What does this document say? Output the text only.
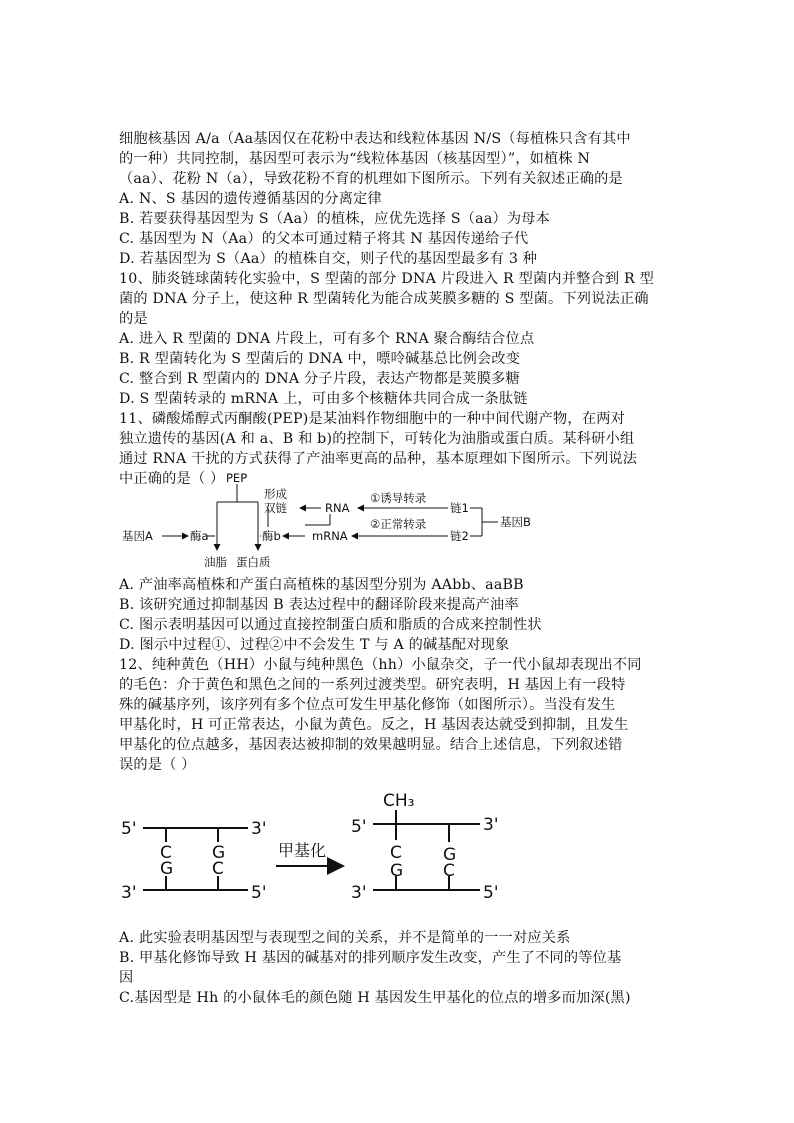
细胞核基因 A/a（Aa基因仅在花粉中表达和线粒体基因 N/S（每植株只含有其中
的一种）共同控制，基因型可表示为“线粒体基因（核基因型）”，如植株 N
（aa）、花粉 N（a），导致花粉不育的机理如下图所示。下列有关叙述正确的是
A. N、S 基因的遗传遵循基因的分离定律
B. 若要获得基因型为 S（Aa）的植株，应优先选择 S（aa）为母本
C. 基因型为 N（Aa）的父本可通过精子将其 N 基因传递给子代
D. 若基因型为 S（Aa）的植株自交，则子代的基因型最多有 3 种
10、肺炎链球菌转化实验中，S 型菌的部分 DNA 片段进入 R 型菌内并整合到 R 型
菌的 DNA 分子上，使这种 R 型菌转化为能合成荚膜多糖的 S 型菌。下列说法正确
的是
A. 进入 R 型菌的 DNA 片段上，可有多个 RNA 聚合酶结合位点
B. R 型菌转化为 S 型菌后的 DNA 中，嘌呤碱基总比例会改变
C. 整合到 R 型菌内的 DNA 分子片段，表达产物都是荚膜多糖
D. S 型菌转录的 mRNA 上，可由多个核糖体共同合成一条肽链
11、磷酸烯醇式丙酮酸(PEP)是某油料作物细胞中的一种中间代谢产物，在两对
独立遗传的基因(A 和 a、B 和 b)的控制下，可转化为油脂或蛋白质。某科研小组
通过 RNA 干扰的方式获得了产油率更高的品种，基本原理如下图所示。下列说法
中正确的是（ ） PEP
基因A	酶a	酶b
油脂 蛋白质
形成
双链	RNA
mRNA
①诱导转录
②正常转录
链1
链2
基因B
A. 产油率高植株和产蛋白高植株的基因型分别为 AAbb、aaBB
B. 该研究通过抑制基因 B 表达过程中的翻译阶段来提高产油率
C. 图示表明基因可以通过直接控制蛋白质和脂质的合成来控制性状
D. 图示中过程①、过程②中不会发生 T 与 A 的碱基配对现象
12、纯种黄色（HH）小鼠与纯种黑色（hh）小鼠杂交，子一代小鼠却表现出不同
的毛色：介于黄色和黑色之间的一系列过渡类型。研究表明，H 基因上有一段特
殊的碱基序列，该序列有多个位点可发生甲基化修饰（如图所示）。当没有发生
甲基化时，H 可正常表达，小鼠为黄色。反之，H 基因表达就受到抑制，且发生
甲基化的位点越多，基因表达被抑制的效果越明显。结合上述信息，下列叙述错
误的是（ ）
5'	3'
C G
G C
3'	5'
甲基化
CH₃
5'	3'
C G
G C
3'	5'
A. 此实验表明基因型与表现型之间的关系，并不是简单的一一对应关系
B. 甲基化修饰导致 H 基因的碱基对的排列顺序发生改变，产生了不同的等位基
因
C.基因型是 Hh 的小鼠体毛的颜色随 H 基因发生甲基化的位点的增多而加深(黑)
